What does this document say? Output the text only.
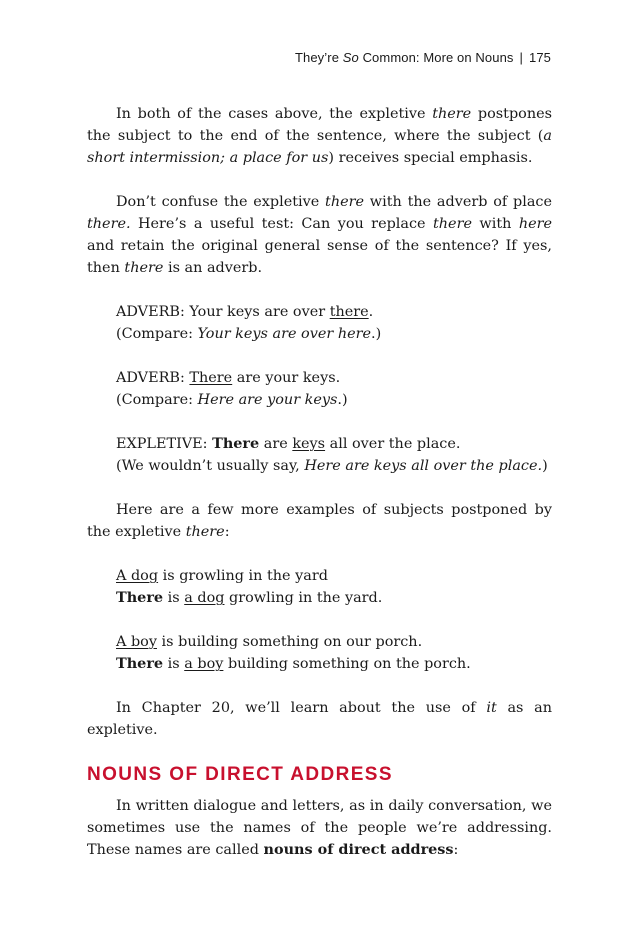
They’re So Common: More on Nouns | 175

In both of the cases above, the expletive there postpones the subject to the end of the sentence, where the subject (a short intermission; a place for us) receives special emphasis.

Don’t confuse the expletive there with the adverb of place there. Here’s a useful test: Can you replace there with here and retain the original general sense of the sentence? If yes, then there is an adverb.

ADVERB: Your keys are over there.

(Compare: Your keys are over here.)

ADVERB: There are your keys.

(Compare: Here are your keys.)

EXPLETIVE: There are keys all over the place.

(We wouldn’t usually say, Here are keys all over the place.)

Here are a few more examples of subjects postponed by the expletive there:

A dog is growling in the yard

There is a dog growling in the yard.

A boy is building something on our porch.

There is a boy building something on the porch.

In Chapter 20, we’ll learn about the use of it as an expletive.

NOUNS OF DIRECT ADDRESS

In written dialogue and letters, as in daily conversation, we sometimes use the names of the people we’re addressing. These names are called nouns of direct address:
